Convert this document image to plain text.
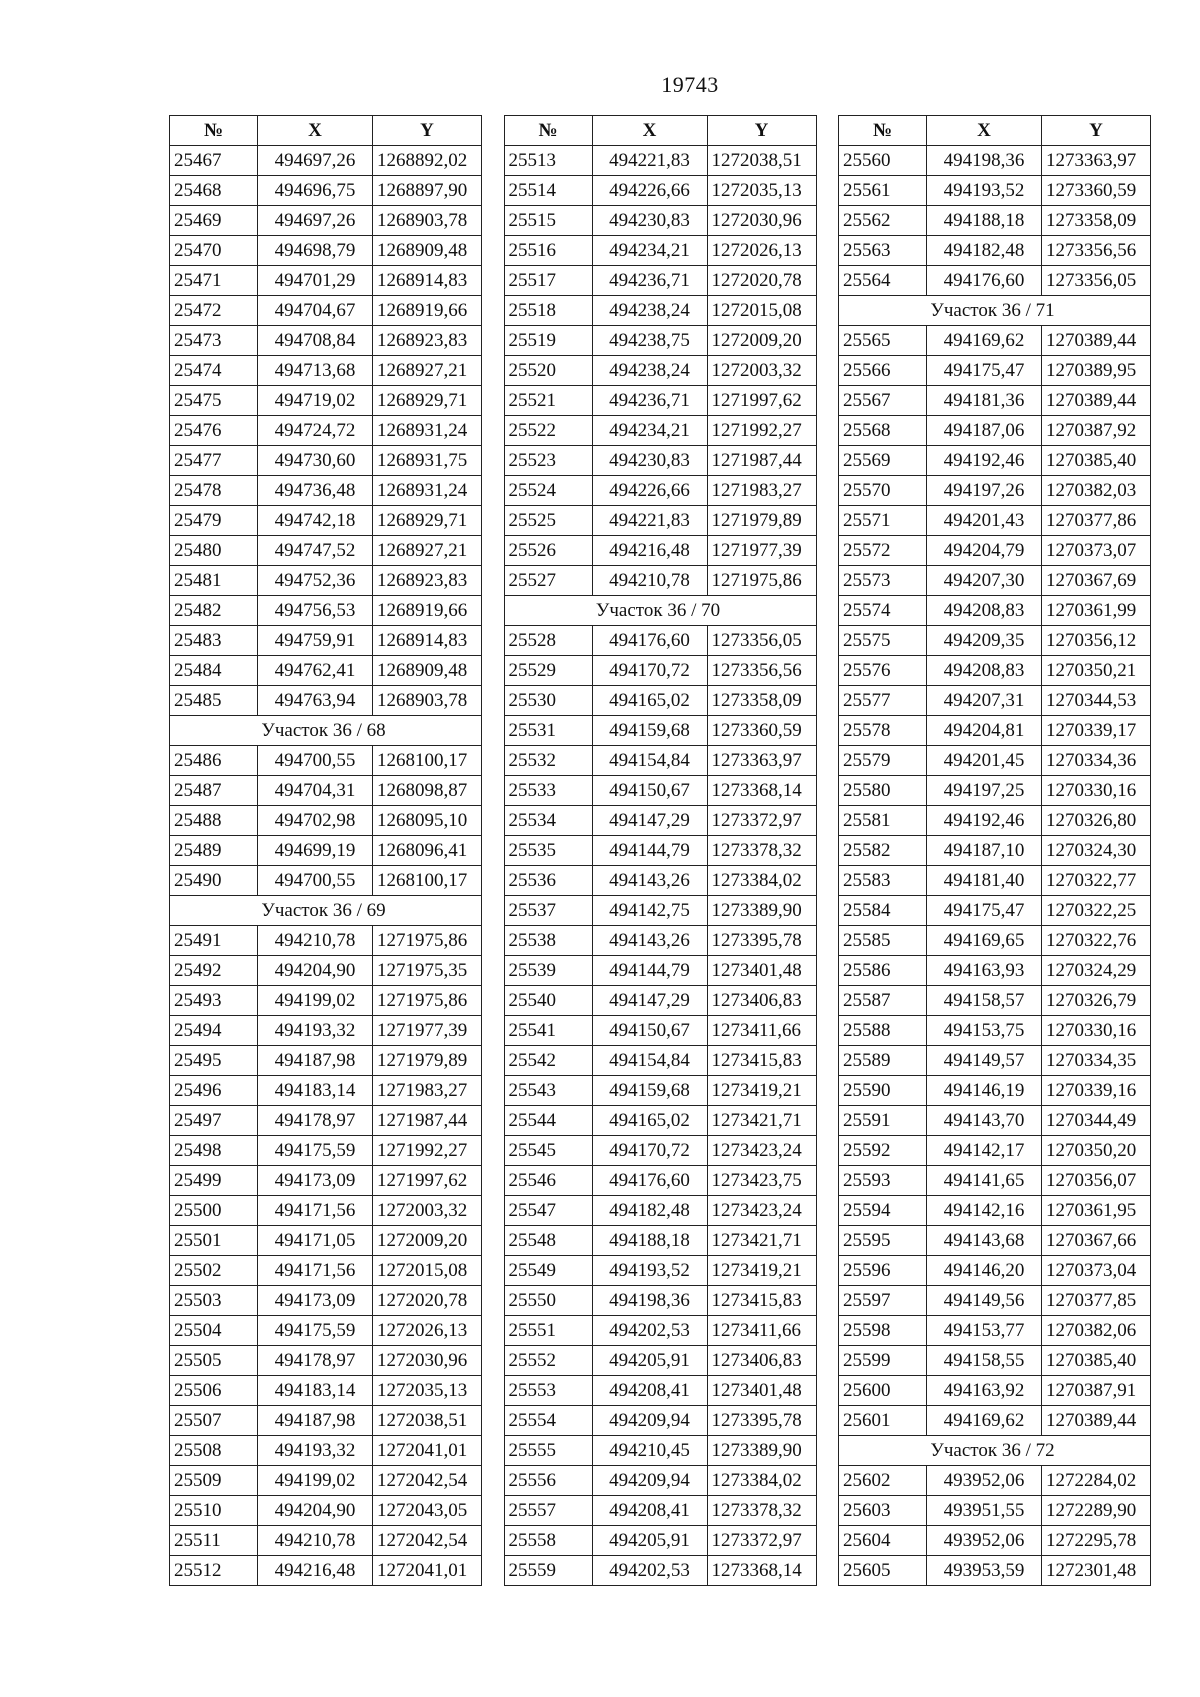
19743
№	X	Y
25467	494697,26	1268892,02
25468	494696,75	1268897,90
25469	494697,26	1268903,78
25470	494698,79	1268909,48
25471	494701,29	1268914,83
25472	494704,67	1268919,66
25473	494708,84	1268923,83
25474	494713,68	1268927,21
25475	494719,02	1268929,71
25476	494724,72	1268931,24
25477	494730,60	1268931,75
25478	494736,48	1268931,24
25479	494742,18	1268929,71
25480	494747,52	1268927,21
25481	494752,36	1268923,83
25482	494756,53	1268919,66
25483	494759,91	1268914,83
25484	494762,41	1268909,48
25485	494763,94	1268903,78
Участок 36 / 68		
25486	494700,55	1268100,17
25487	494704,31	1268098,87
25488	494702,98	1268095,10
25489	494699,19	1268096,41
25490	494700,55	1268100,17
Участок 36 / 69		
25491	494210,78	1271975,86
25492	494204,90	1271975,35
25493	494199,02	1271975,86
25494	494193,32	1271977,39
25495	494187,98	1271979,89
25496	494183,14	1271983,27
25497	494178,97	1271987,44
25498	494175,59	1271992,27
25499	494173,09	1271997,62
25500	494171,56	1272003,32
25501	494171,05	1272009,20
25502	494171,56	1272015,08
25503	494173,09	1272020,78
25504	494175,59	1272026,13
25505	494178,97	1272030,96
25506	494183,14	1272035,13
25507	494187,98	1272038,51
25508	494193,32	1272041,01
25509	494199,02	1272042,54
25510	494204,90	1272043,05
25511	494210,78	1272042,54
25512	494216,48	1272041,01
№	X	Y
25513	494221,83	1272038,51
25514	494226,66	1272035,13
25515	494230,83	1272030,96
25516	494234,21	1272026,13
25517	494236,71	1272020,78
25518	494238,24	1272015,08
25519	494238,75	1272009,20
25520	494238,24	1272003,32
25521	494236,71	1271997,62
25522	494234,21	1271992,27
25523	494230,83	1271987,44
25524	494226,66	1271983,27
25525	494221,83	1271979,89
25526	494216,48	1271977,39
25527	494210,78	1271975,86
Участок 36 / 70		
25528	494176,60	1273356,05
25529	494170,72	1273356,56
25530	494165,02	1273358,09
25531	494159,68	1273360,59
25532	494154,84	1273363,97
25533	494150,67	1273368,14
25534	494147,29	1273372,97
25535	494144,79	1273378,32
25536	494143,26	1273384,02
25537	494142,75	1273389,90
25538	494143,26	1273395,78
25539	494144,79	1273401,48
25540	494147,29	1273406,83
25541	494150,67	1273411,66
25542	494154,84	1273415,83
25543	494159,68	1273419,21
25544	494165,02	1273421,71
25545	494170,72	1273423,24
25546	494176,60	1273423,75
25547	494182,48	1273423,24
25548	494188,18	1273421,71
25549	494193,52	1273419,21
25550	494198,36	1273415,83
25551	494202,53	1273411,66
25552	494205,91	1273406,83
25553	494208,41	1273401,48
25554	494209,94	1273395,78
25555	494210,45	1273389,90
25556	494209,94	1273384,02
25557	494208,41	1273378,32
25558	494205,91	1273372,97
25559	494202,53	1273368,14
№	X	Y
25560	494198,36	1273363,97
25561	494193,52	1273360,59
25562	494188,18	1273358,09
25563	494182,48	1273356,56
25564	494176,60	1273356,05
Участок 36 / 71		
25565	494169,62	1270389,44
25566	494175,47	1270389,95
25567	494181,36	1270389,44
25568	494187,06	1270387,92
25569	494192,46	1270385,40
25570	494197,26	1270382,03
25571	494201,43	1270377,86
25572	494204,79	1270373,07
25573	494207,30	1270367,69
25574	494208,83	1270361,99
25575	494209,35	1270356,12
25576	494208,83	1270350,21
25577	494207,31	1270344,53
25578	494204,81	1270339,17
25579	494201,45	1270334,36
25580	494197,25	1270330,16
25581	494192,46	1270326,80
25582	494187,10	1270324,30
25583	494181,40	1270322,77
25584	494175,47	1270322,25
25585	494169,65	1270322,76
25586	494163,93	1270324,29
25587	494158,57	1270326,79
25588	494153,75	1270330,16
25589	494149,57	1270334,35
25590	494146,19	1270339,16
25591	494143,70	1270344,49
25592	494142,17	1270350,20
25593	494141,65	1270356,07
25594	494142,16	1270361,95
25595	494143,68	1270367,66
25596	494146,20	1270373,04
25597	494149,56	1270377,85
25598	494153,77	1270382,06
25599	494158,55	1270385,40
25600	494163,92	1270387,91
25601	494169,62	1270389,44
Участок 36 / 72		
25602	493952,06	1272284,02
25603	493951,55	1272289,90
25604	493952,06	1272295,78
25605	493953,59	1272301,48
